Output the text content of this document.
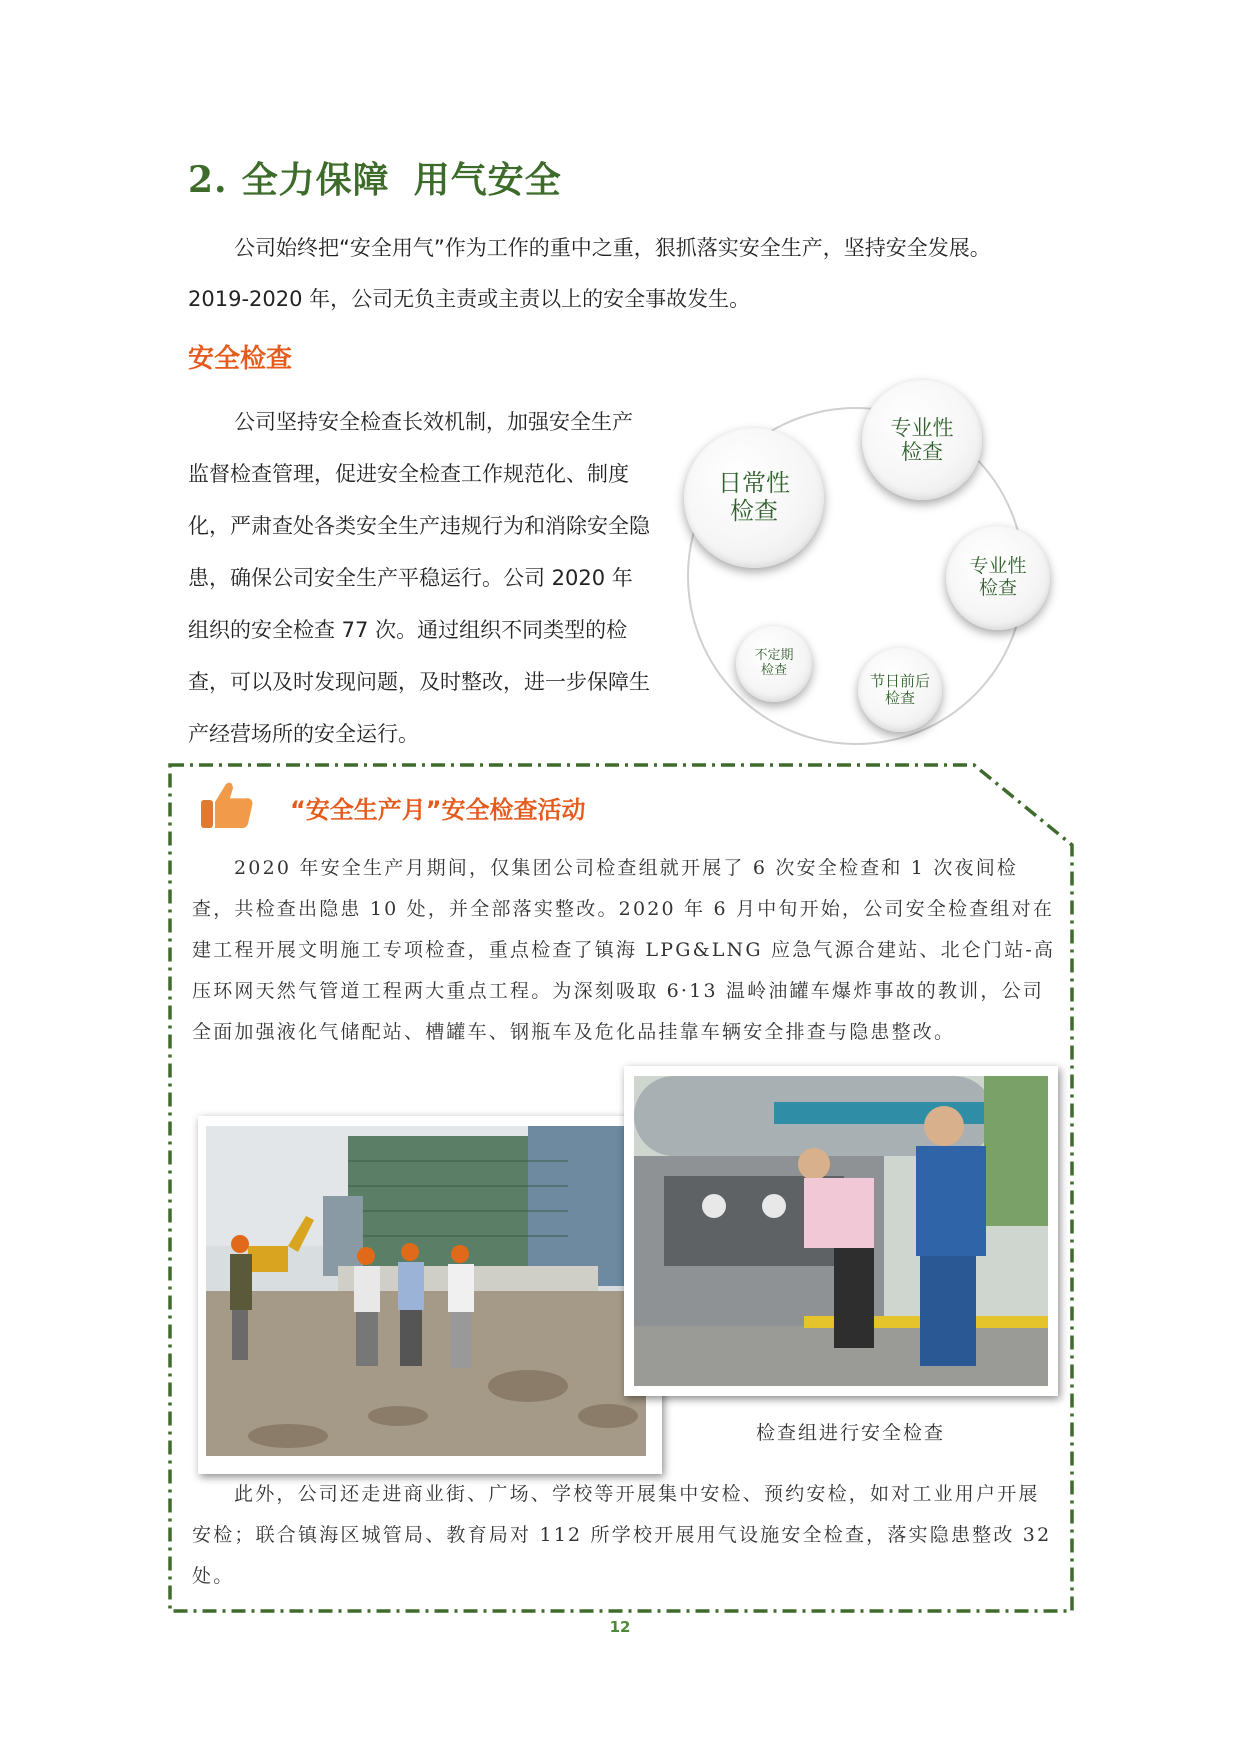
2. 全力保障 用气安全

公司始终把“安全用气”作为工作的重中之重，狠抓落实安全生产，坚持安全发展。

2019-2020 年，公司无负主责或主责以上的安全事故发生。

安全检查

公司坚持安全检查长效机制，加强安全生产监督检查管理，促进安全检查工作规范化、制度化，严肃查处各类安全生产违规行为和消除安全隐患，确保公司安全生产平稳运行。公司 2020 年组织的安全检查 77 次。通过组织不同类型的检查，可以及时发现问题，及时整改，进一步保障生产经营场所的安全运行。

日常性
检查
专业性
检查
专业性
检查
节日前后
检查
不定期
检查
“安全生产月”安全检查活动

2020 年安全生产月期间，仅集团公司检查组就开展了 6 次安全检查和 1 次夜间检查，共检查出隐患 10 处，并全部落实整改。2020 年 6 月中旬开始，公司安全检查组对在建工程开展文明施工专项检查，重点检查了镇海 LPG&LNG 应急气源合建站、北仑门站-高压环网天然气管道工程两大重点工程。为深刻吸取 6·13 温岭油罐车爆炸事故的教训，公司全面加强液化气储配站、槽罐车、钢瓶车及危化品挂靠车辆安全排查与隐患整改。

检查组进行安全检查

此外，公司还走进商业街、广场、学校等开展集中安检、预约安检，如对工业用户开展安检；联合镇海区城管局、教育局对 112 所学校开展用气设施安全检查，落实隐患整改 32 处。

12
